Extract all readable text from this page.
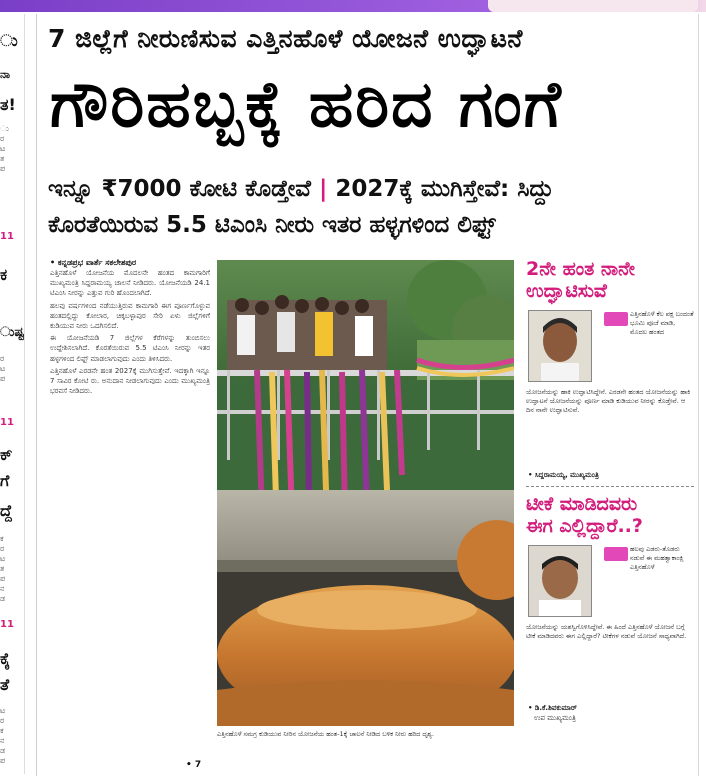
ು
ನಾ
ತ!
ು
ರ
ಟ
ತ
ಪ
11
ಕ
ುಷ್ಟ
ರ
ಟ
ಪ
11
ಕ್
ಗೆ
ದ್ದೆ
ಕ
ರ
ಟ
ತ
ಪ
ನ
ಡ
11
ಕೈ
ತೆ
ಟ
ರ
ಕ
ನ
ಡ
ಪ
7 ಜಿಲ್ಲೆಗೆ ನೀರುಣಿಸುವ ಎತ್ತಿನಹೊಳೆ ಯೋಜನೆ ಉದ್ಘಾಟನೆ
ಗೌರಿಹಬ್ಬಕ್ಕೆ ಹರಿದ ಗಂಗೆ
ಇನ್ನೂ ₹7000 ಕೋಟಿ ಕೊಡ್ತೇವೆ | 2027ಕ್ಕೆ ಮುಗಿಸ್ತೇವೆ: ಸಿದ್ದು
ಕೊರತೆಯಿರುವ 5.5 ಟಿಎಂಸಿ ನೀರು ಇತರ ಹಳ್ಳಗಳಿಂದ ಲಿಫ್ಟ್
• ಕನ್ನಡಪ್ರಭ ವಾರ್ತೆ ಸಕಲೇಶಪುರ

ಎತ್ತಿನಹೊಳೆ ಯೋಜನೆಯ ಮೊದಲನೇ ಹಂತದ ಕಾಮಗಾರಿಗೆ ಮುಖ್ಯಮಂತ್ರಿ ಸಿದ್ದರಾಮಯ್ಯ ಚಾಲನೆ ನೀಡಿದರು. ಯೋಜನೆಯಡಿ 24.1 ಟಿಎಂಸಿ ನೀರನ್ನು ಎತ್ತುವ ಗುರಿ ಹೊಂದಲಾಗಿದೆ.

ಹಲವು ವರ್ಷಗಳಿಂದ ನಡೆಯುತ್ತಿರುವ ಕಾಮಗಾರಿ ಈಗ ಪೂರ್ಣಗೊಳ್ಳುವ ಹಂತದಲ್ಲಿದ್ದು ಕೋಲಾರ, ಚಿಕ್ಕಬಳ್ಳಾಪುರ ಸೇರಿ ಏಳು ಜಿಲ್ಲೆಗಳಿಗೆ ಕುಡಿಯುವ ನೀರು ಒದಗಿಸಲಿದೆ.

ಈ ಯೋಜನೆಯಡಿ 7 ಜಿಲ್ಲೆಗಳ ಕೆರೆಗಳನ್ನು ತುಂಬಿಸಲು ಉದ್ದೇಶಿಸಲಾಗಿದೆ. ಕೊರತೆಯಿರುವ 5.5 ಟಿಎಂಸಿ ನೀರನ್ನು ಇತರ ಹಳ್ಳಗಳಿಂದ ಲಿಫ್ಟ್ ಮಾಡಲಾಗುವುದು ಎಂದು ತಿಳಿಸಿದರು.

ಎತ್ತಿನಹೊಳೆ ಎರಡನೇ ಹಂತ 2027ಕ್ಕೆ ಮುಗಿಸುತ್ತೇವೆ. ಇದಕ್ಕಾಗಿ ಇನ್ನೂ 7 ಸಾವಿರ ಕೋಟಿ ರು. ಅನುದಾನ ನೀಡಲಾಗುವುದು ಎಂದು ಮುಖ್ಯಮಂತ್ರಿ ಭರವಸೆ ನೀಡಿದರು.

• 7
ಎತ್ತಿನಹೊಳೆ ಸಮಗ್ರ ಕುಡಿಯುವ ನೀರಿನ ಯೋಜನೆಯ ಹಂತ-1ಕ್ಕೆ ಚಾಲನೆ ನೀಡಿದ ಬಳಿಕ ನೀರು ಹರಿದ ದೃಶ್ಯ.
2ನೇ ಹಂತ ನಾನೇ
ಉದ್ಘಾಟಿಸುವೆ
ಎತ್ತಿನಹೊಳೆ ಕೆಲ ಪಕ್ಷ ಬಂದಂತೆ ಭೂಮಿ ಪೂಜೆ ಮಾಡಿ, ಮೊದಲ ಹಂತದ
ಯೋಜನೆಯನ್ನು ಹಾಕಿ ಉದ್ಘಾಟಿಸಿದ್ದೇನೆ. ಎರಡನೇ ಹಂತದ ಯೋಜನೆಯನ್ನು ಹಾಕಿ ಉದ್ಘಾಟನೆ ಯೋಜನೆಯನ್ನು ಪೂರ್ಣ ಮಾಡಿ ಕುಡಿಯುವ ನೀರನ್ನು ಕೊಡ್ತೇವೆ. ಆ ದಿನ ನಾನೇ ಉದ್ಘಾಟಿಸುವೆ.
• ಸಿದ್ದರಾಮಯ್ಯ, ಮುಖ್ಯಮಂತ್ರಿ
ಟೀಕೆ ಮಾಡಿದವರು
ಈಗ ಎಲ್ಲಿದ್ದಾರೆ..?
ಹಲವು ಎಡರು-ತೊಡರು ನಡುವೆ ಈ ಮಹತ್ವಾಕಾಂಕ್ಷಿ ಎತ್ತಿನಹೊಳೆ
ಯೋಜನೆಯನ್ನು ಯಶಸ್ವಿಗೊಳಿಸಿದ್ದೇವೆ. ಈ ಹಿಂದೆ ಎತ್ತಿನಹೊಳೆ ಯೋಜನೆ ಬಗ್ಗೆ ಟೀಕೆ ಮಾಡಿದವರು ಈಗ ಎಲ್ಲಿದ್ದಾರೆ? ಟೀಕೆಗಳ ನಡುವೆ ಯೋಜನೆ ಸಾಧ್ಯವಾಗಿದೆ.
• ಡಿ.ಕೆ.ಶಿವಕುಮಾರ್
ಉಪ ಮುಖ್ಯಮಂತ್ರಿ
